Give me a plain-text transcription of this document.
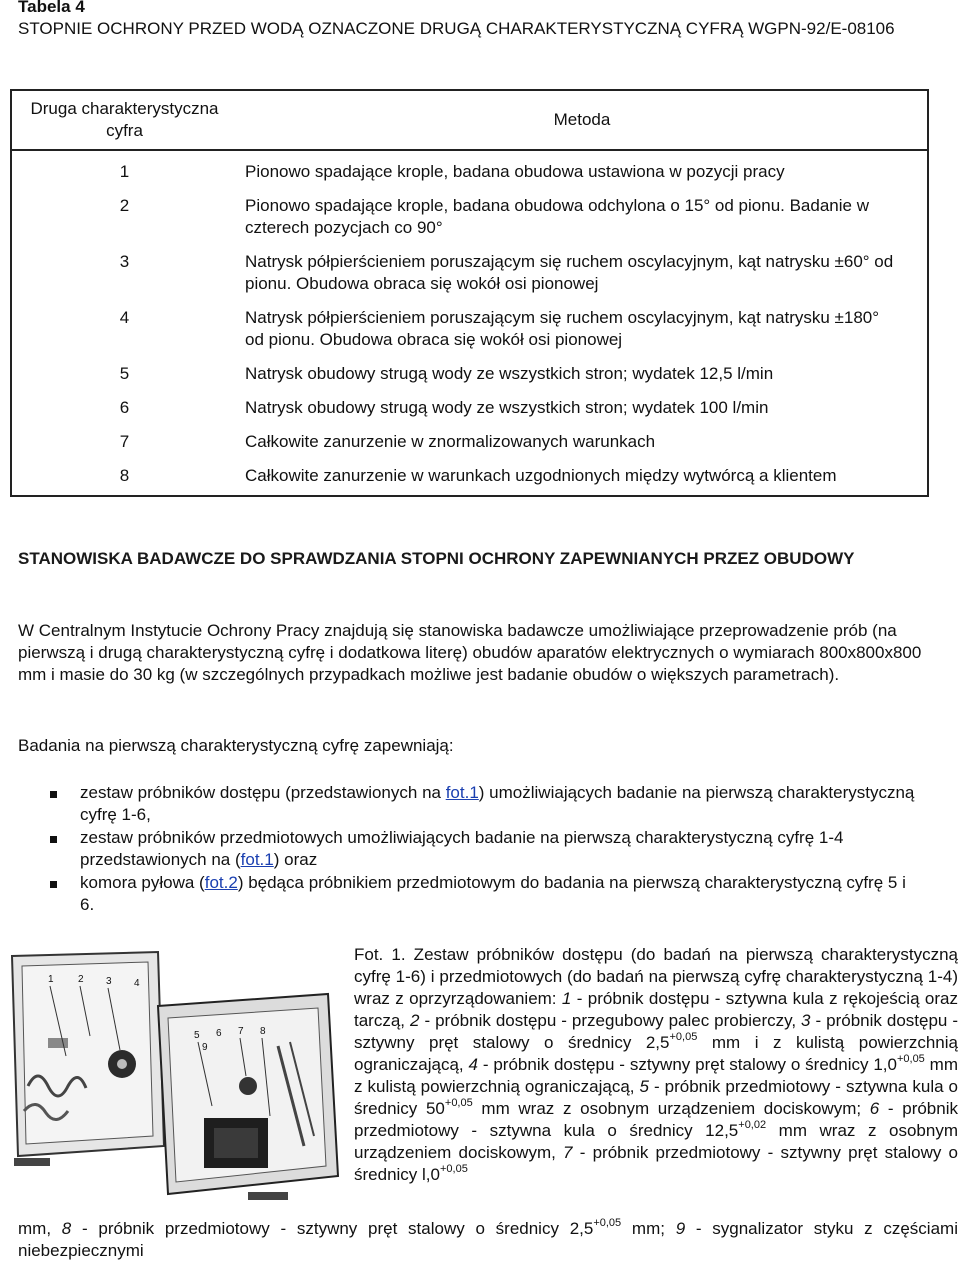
Tabela 4
STOPNIE OCHRONY PRZED WODĄ OZNACZONE DRUGĄ CHARAKTERYSTYCZNĄ CYFRĄ WGPN-92/E-08106
Druga charakterystyczna cyfra	Metoda
1	Pionowo spadające krople, badana obudowa ustawiona w pozycji pracy
2	Pionowo spadające krople, badana obudowa odchylona o 15° od pionu. Badanie w czterech pozycjach co 90°
3	Natrysk półpierścieniem poruszającym się ruchem oscylacyjnym, kąt natrysku ±60° od pionu. Obudowa obraca się wokół osi pionowej
4	Natrysk półpierścieniem poruszającym się ruchem oscylacyjnym, kąt natrysku ±180° od pionu. Obudowa obraca się wokół osi pionowej
5	Natrysk obudowy strugą wody ze wszystkich stron; wydatek 12,5 l/min
6	Natrysk obudowy strugą wody ze wszystkich stron; wydatek 100 l/min
7	Całkowite zanurzenie w znormalizowanych warunkach
8	Całkowite zanurzenie w warunkach uzgodnionych między wytwórcą a klientem
STANOWISKA BADAWCZE DO SPRAWDZANIA STOPNI OCHRONY ZAPEWNIANYCH PRZEZ OBUDOWY
W Centralnym Instytucie Ochrony Pracy znajdują się stanowiska badawcze umożliwiające przeprowadzenie prób (na pierwszą i drugą charakterystyczną cyfrę i dodatkowa literę) obudów aparatów elektrycznych o wymiarach 800x800x800 mm i masie do 30 kg (w szczególnych przypadkach możliwe jest badanie obudów o większych parametrach).
Badania na pierwszą charakterystyczną cyfrę zapewniają:
zestaw próbników dostępu (przedstawionych na fot.1) umożliwiających badanie na pierwszą charakterystyczną cyfrę 1-6,
zestaw próbników przedmiotowych umożliwiających badanie na pierwszą charakterystyczną cyfrę 1-4 przedstawionych na (fot.1) oraz
komora pyłowa (fot.2) będąca próbnikiem przedmiotowym do badania na pierwszą charakterystyczną cyfrę 5 i 6.
1 2 3 4
5 6 7 8
9
Fot. 1. Zestaw próbników dostępu (do badań na pierwszą charakterystyczną cyfrę 1-6) i przedmiotowych (do badań na pierwszą cyfrę charakterystyczną 1-4) wraz z oprzyrządowaniem: 1 - próbnik dostępu - sztywna kula z rękojeścią oraz tarczą, 2 - próbnik dostępu - przegubowy palec probierczy, 3 - próbnik dostępu - sztywny pręt stalowy o średnicy $2,5^{+0,05}$ mm i z kulistą powierzchnią ograniczającą, 4 - próbnik dostępu - sztywny pręt stalowy o średnicy $1,0^{+0,05}$ mm z kulistą powierzchnią ograniczającą, 5 - próbnik przedmiotowy - sztywna kula o średnicy $50^{+0,05}$ mm wraz z osobnym urządzeniem dociskowym; 6 - próbnik przedmiotowy - sztywna kula o średnicy $12,5^{+0,02}$ mm wraz z osobnym urządzeniem dociskowym, 7 - próbnik przedmiotowy - sztywny pręt stalowy o średnicy $l,0^{+0,05}$
mm, 8 - próbnik przedmiotowy - sztywny pręt stalowy o średnicy $2,5^{+0,05}$ mm; 9 - sygnalizator styku z częściami niebezpiecznymi
